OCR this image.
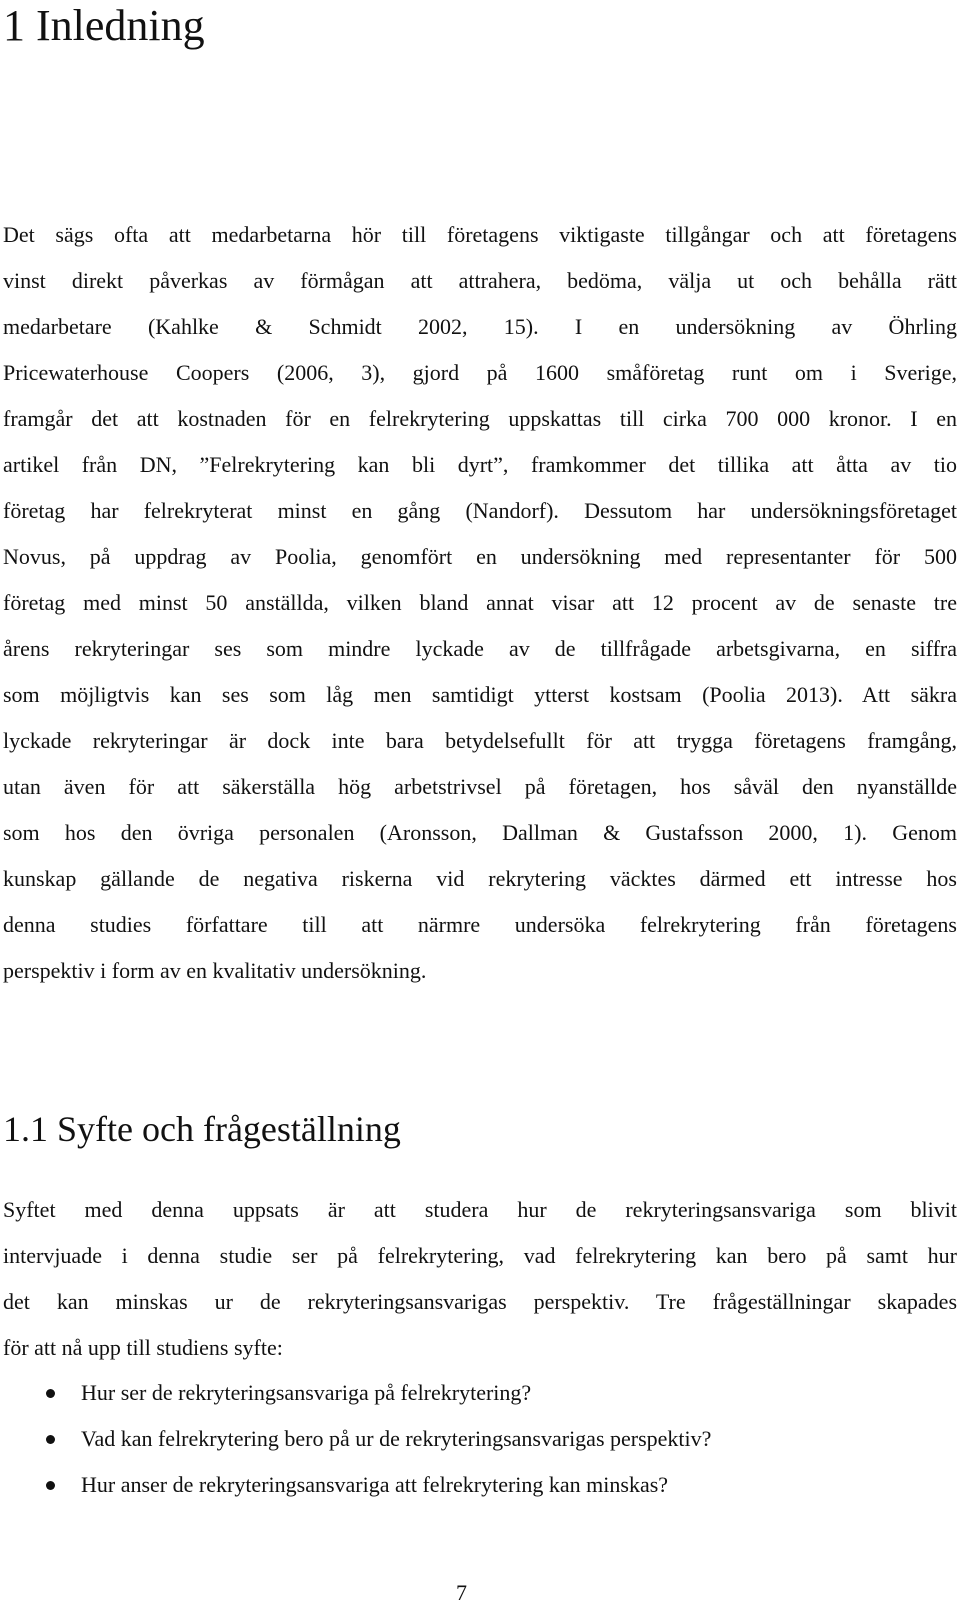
1 Inledning
Det sägs ofta att medarbetarna hör till företagens viktigaste tillgångar och att företagens
vinst direkt påverkas av förmågan att attrahera, bedöma, välja ut och behålla rätt
medarbetare (Kahlke & Schmidt 2002, 15). I en undersökning av Öhrling
Pricewaterhouse Coopers (2006, 3), gjord på 1600 småföretag runt om i Sverige,
framgår det att kostnaden för en felrekrytering uppskattas till cirka 700 000 kronor. I en
artikel från DN, ”Felrekrytering kan bli dyrt”, framkommer det tillika att åtta av tio
företag har felrekryterat minst en gång (Nandorf). Dessutom har undersökningsföretaget
Novus, på uppdrag av Poolia, genomfört en undersökning med representanter för 500
företag med minst 50 anställda, vilken bland annat visar att 12 procent av de senaste tre
årens rekryteringar ses som mindre lyckade av de tillfrågade arbetsgivarna, en siffra
som möjligtvis kan ses som låg men samtidigt ytterst kostsam (Poolia 2013). Att säkra
lyckade rekryteringar är dock inte bara betydelsefullt för att trygga företagens framgång,
utan även för att säkerställa hög arbetstrivsel på företagen, hos såväl den nyanställde
som hos den övriga personalen (Aronsson, Dallman & Gustafsson 2000, 1). Genom
kunskap gällande de negativa riskerna vid rekrytering väcktes därmed ett intresse hos
denna studies författare till att närmre undersöka felrekrytering från företagens
perspektiv i form av en kvalitativ undersökning.
1.1 Syfte och frågeställning
Syftet med denna uppsats är att studera hur de rekryteringsansvariga som blivit
intervjuade i denna studie ser på felrekrytering, vad felrekrytering kan bero på samt hur
det kan minskas ur de rekryteringsansvarigas perspektiv. Tre frågeställningar skapades
för att nå upp till studiens syfte:
Hur ser de rekryteringsansvariga på felrekrytering?
Vad kan felrekrytering bero på ur de rekryteringsansvarigas perspektiv?
Hur anser de rekryteringsansvariga att felrekrytering kan minskas?
7
